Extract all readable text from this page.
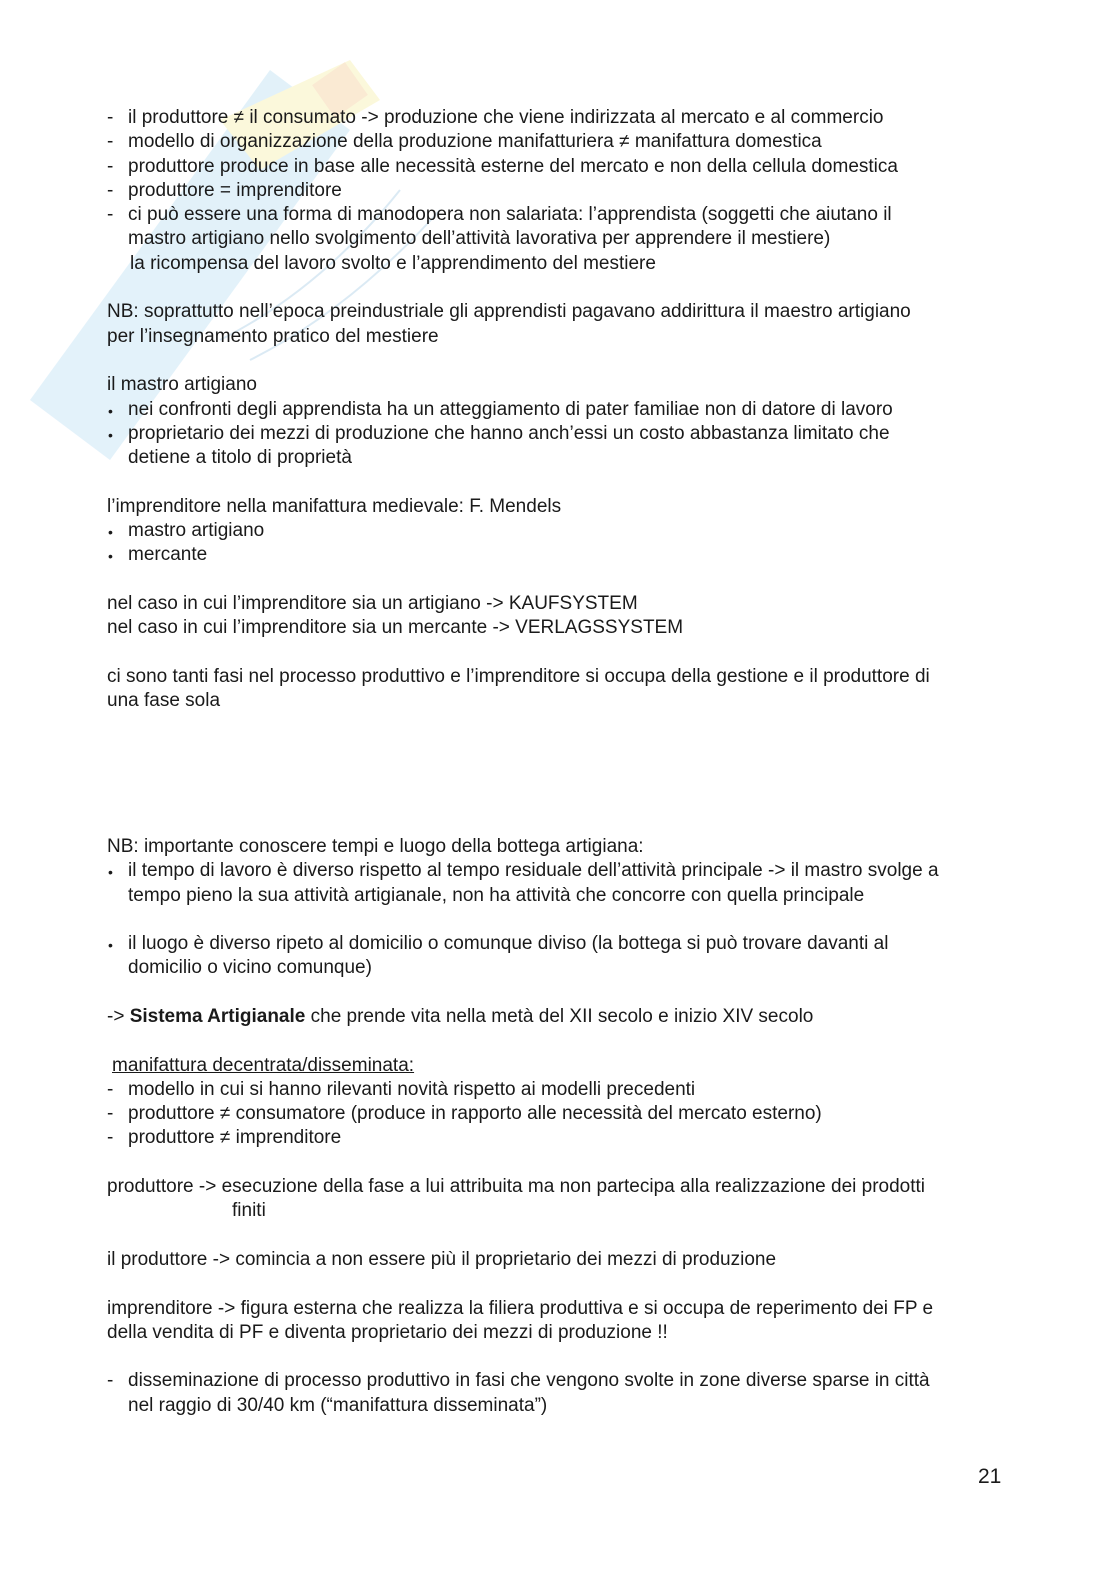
- il produttore ≠ il consumato -> produzione che viene indirizzata al mercato e al commercio
- modello di organizzazione della produzione manifatturiera ≠ manifattura domestica
- produttore produce in base alle necessità esterne del mercato e non della cellula domestica
- produttore = imprenditore
- ci può essere una forma di manodopera non salariata: l’apprendista (soggetti che aiutano il
mastro artigiano nello svolgimento dell’attività lavorativa per apprendere il mestiere)
la ricompensa del lavoro svolto e l’apprendimento del mestiere
NB: soprattutto nell’epoca preindustriale gli apprendisti pagavano addirittura il maestro artigiano
per l’insegnamento pratico del mestiere
il mastro artigiano
• nei confronti degli apprendista ha un atteggiamento di pater familiae non di datore di lavoro
• proprietario dei mezzi di produzione che hanno anch’essi un costo abbastanza limitato che
detiene a titolo di proprietà
l’imprenditore nella manifattura medievale: F. Mendels
• mastro artigiano
• mercante
nel caso in cui l’imprenditore sia un artigiano -> KAUFSYSTEM
nel caso in cui l’imprenditore sia un mercante -> VERLAGSSYSTEM
ci sono tanti fasi nel processo produttivo e l’imprenditore si occupa della gestione e il produttore di
una fase sola
NB: importante conoscere tempi e luogo della bottega artigiana:
• il tempo di lavoro è diverso rispetto al tempo residuale dell’attività principale -> il mastro svolge a
tempo pieno la sua attività artigianale, non ha attività che concorre con quella principale
• il luogo è diverso ripeto al domicilio o comunque diviso (la bottega si può trovare davanti al
domicilio o vicino comunque)
-> Sistema Artigianale che prende vita nella metà del XII secolo e inizio XIV secolo
manifattura decentrata/disseminata:
- modello in cui si hanno rilevanti novità rispetto ai modelli precedenti
- produttore ≠ consumatore (produce in rapporto alle necessità del mercato esterno)
- produttore ≠ imprenditore
produttore -> esecuzione della fase a lui attribuita ma non partecipa alla realizzazione dei prodotti
finiti
il produttore -> comincia a non essere più il proprietario dei mezzi di produzione
imprenditore -> figura esterna che realizza la filiera produttiva e si occupa de reperimento dei FP e
della vendita di PF e diventa proprietario dei mezzi di produzione !!
- disseminazione di processo produttivo in fasi che vengono svolte in zone diverse sparse in città
nel raggio di 30/40 km (“manifattura disseminata”)
21
